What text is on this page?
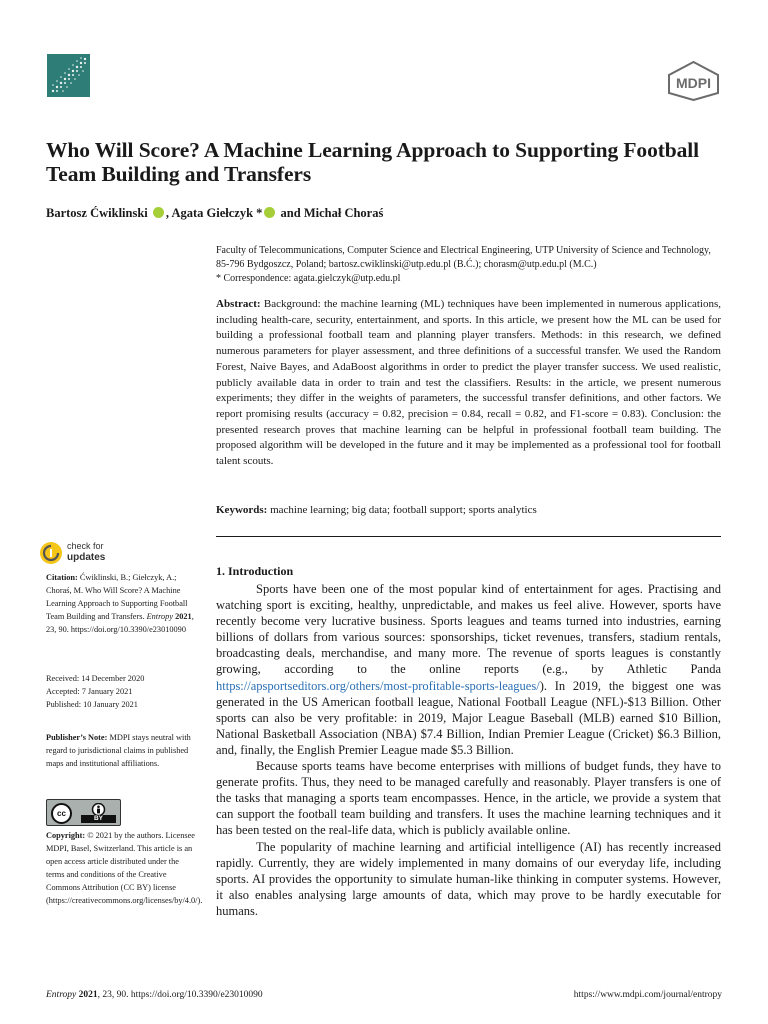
MDPI
Who Will Score? A Machine Learning Approach to Supporting Football Team Building and Transfers
Bartosz Ćwiklinski , Agata Giełczyk * and Michał Choraś
Faculty of Telecommunications, Computer Science and Electrical Engineering, UTP University of Science and Technology, 85-796 Bydgoszcz, Poland; bartosz.cwiklinski@utp.edu.pl (B.Ć.); chorasm@utp.edu.pl (M.C.)
* Correspondence: agata.gielczyk@utp.edu.pl
Abstract: Background: the machine learning (ML) techniques have been implemented in numerous applications, including health-care, security, entertainment, and sports. In this article, we present how the ML can be used for building a professional football team and planning player transfers. Methods: in this research, we defined numerous parameters for player assessment, and three definitions of a successful transfer. We used the Random Forest, Naive Bayes, and AdaBoost algorithms in order to predict the player transfer success. We used realistic, publicly available data in order to train and test the classifiers. Results: in the article, we present numerous experiments; they differ in the weights of parameters, the successful transfer definitions, and other factors. We report promising results (accuracy = 0.82, precision = 0.84, recall = 0.82, and F1-score = 0.83). Conclusion: the presented research proves that machine learning can be helpful in professional football team building. The proposed algorithm will be developed in the future and it may be implemented as a professional tool for football talent scouts.
Keywords: machine learning; big data; football support; sports analytics
check for
updates
Citation: Ćwiklinski, B.; Giełczyk, A.; Choraś, M. Who Will Score? A Machine Learning Approach to Supporting Football Team Building and Transfers. Entropy 2021, 23, 90. https://doi.org/10.3390/e23010090
Received: 14 December 2020
Accepted: 7 January 2021
Published: 10 January 2021
Publisher’s Note: MDPI stays neutral with regard to jurisdictional claims in published maps and institutional affiliations.
cc
BY
Copyright: © 2021 by the authors. Licensee MDPI, Basel, Switzerland. This article is an open access article distributed under the terms and conditions of the Creative Commons Attribution (CC BY) license (https://creativecommons.org/licenses/by/4.0/).
1. Introduction

Sports have been one of the most popular kind of entertainment for ages. Practising and watching sport is exciting, healthy, unpredictable, and makes us feel alive. However, sports have recently become very lucrative business. Sports leagues and teams turned into industries, earning billions of dollars from various sources: sponsorships, ticket revenues, transfers, stadium rentals, broadcasting deals, merchandise, and many more. The revenue of sports leagues is constantly growing, according to the online reports (e.g., by Athletic Panda https://apsportseditors.org/others/most-profitable-sports-leagues/). In 2019, the biggest one was generated in the US American football league, National Football League (NFL)-$13 Billion. Other sports can also be very profitable: in 2019, Major League Baseball (MLB) earned $10 Billion, National Basketball Association (NBA) $7.4 Billion, Indian Premier League (Cricket) $6.3 Billion, and, finally, the English Premier League made $5.3 Billion.

Because sports teams have become enterprises with millions of budget funds, they have to generate profits. Thus, they need to be managed carefully and reasonably. Player transfers is one of the tasks that managing a sports team encompasses. Hence, in the article, we provide a system that can support the football team building and transfers. It uses the machine learning techniques and it has been tested on the real-life data, which is publicly available online.

The popularity of machine learning and artificial intelligence (AI) has recently increased rapidly. Currently, they are widely implemented in many domains of our everyday life, including sports. AI provides the opportunity to simulate human-like thinking in computer systems. However, it also enables analysing large amounts of data, which may prove to be hardly executable for humans.

Entropy 2021, 23, 90. https://doi.org/10.3390/e23010090	https://www.mdpi.com/journal/entropy
